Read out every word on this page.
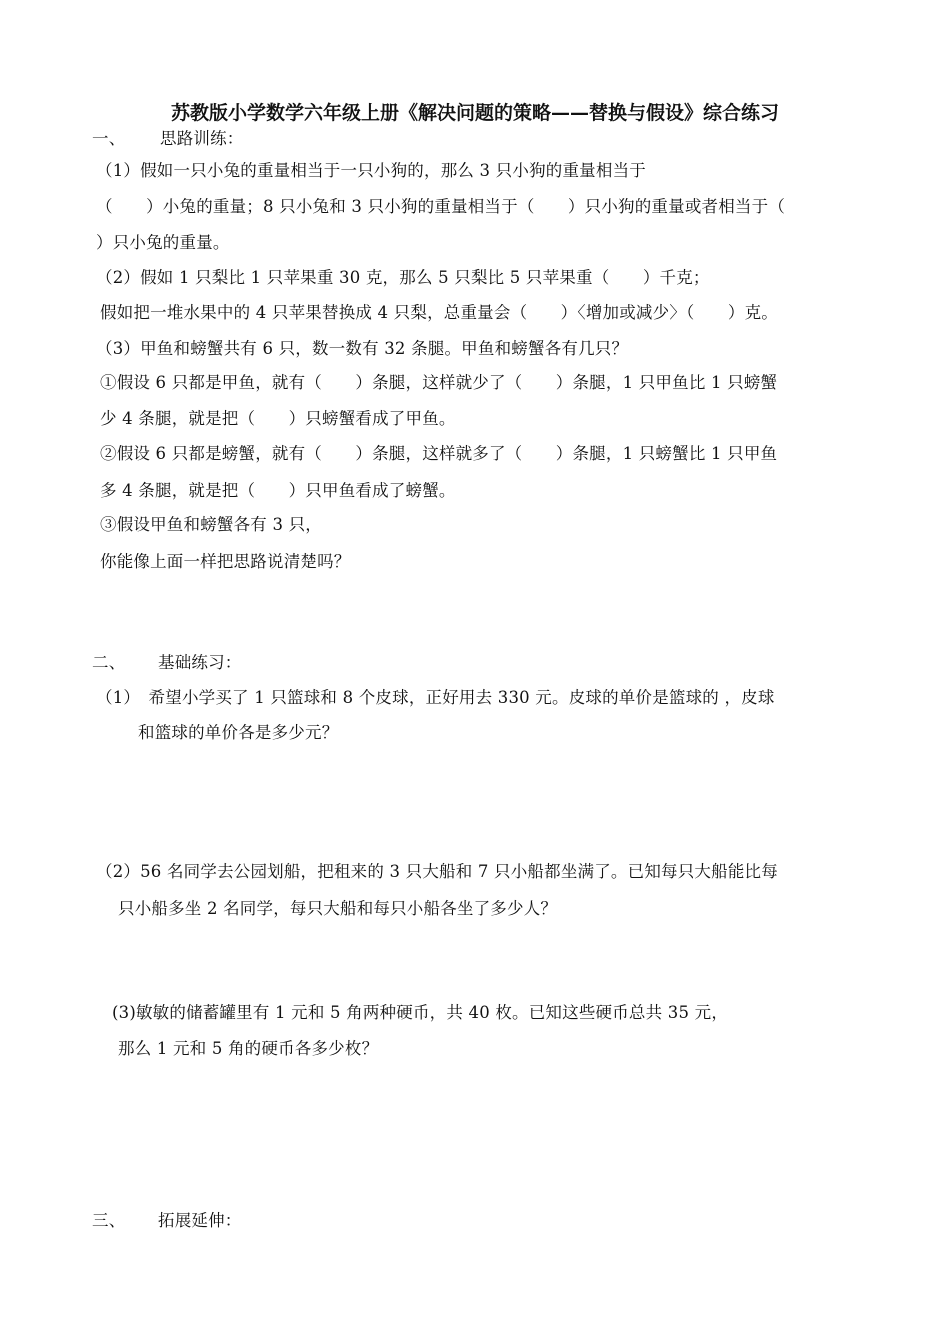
苏教版小学数学六年级上册《解决问题的策略——替换与假设》综合练习
一、 思路训练：
（1）假如一只小兔的重量相当于一只小狗的，那么 3 只小狗的重量相当于
（　　）小兔的重量；8 只小兔和 3 只小狗的重量相当于（　　）只小狗的重量或者相当于（
）只小兔的重量。
（2）假如 1 只梨比 1 只苹果重 30 克，那么 5 只梨比 5 只苹果重（　　）千克；
假如把一堆水果中的 4 只苹果替换成 4 只梨，总重量会（　　）〈增加或减少〉（　　）克。
（3）甲鱼和螃蟹共有 6 只，数一数有 32 条腿。甲鱼和螃蟹各有几只？
①假设 6 只都是甲鱼，就有（　　）条腿，这样就少了（　　）条腿，1 只甲鱼比 1 只螃蟹
少 4 条腿，就是把（　　）只螃蟹看成了甲鱼。
②假设 6 只都是螃蟹，就有（　　）条腿，这样就多了（　　）条腿，1 只螃蟹比 1 只甲鱼
多 4 条腿，就是把（　　）只甲鱼看成了螃蟹。
③假设甲鱼和螃蟹各有 3 只，
你能像上面一样把思路说清楚吗？
二、 基础练习：
（1）　希望小学买了 1 只篮球和 8 个皮球，正好用去 330 元。皮球的单价是篮球的 ，皮球
和篮球的单价各是多少元？
（2）56 名同学去公园划船，把租来的 3 只大船和 7 只小船都坐满了。已知每只大船能比每
只小船多坐 2 名同学，每只大船和每只小船各坐了多少人？
(3)敏敏的储蓄罐里有 1 元和 5 角两种硬币，共 40 枚。已知这些硬币总共 35 元，
那么 1 元和 5 角的硬币各多少枚？
三、 拓展延伸：
